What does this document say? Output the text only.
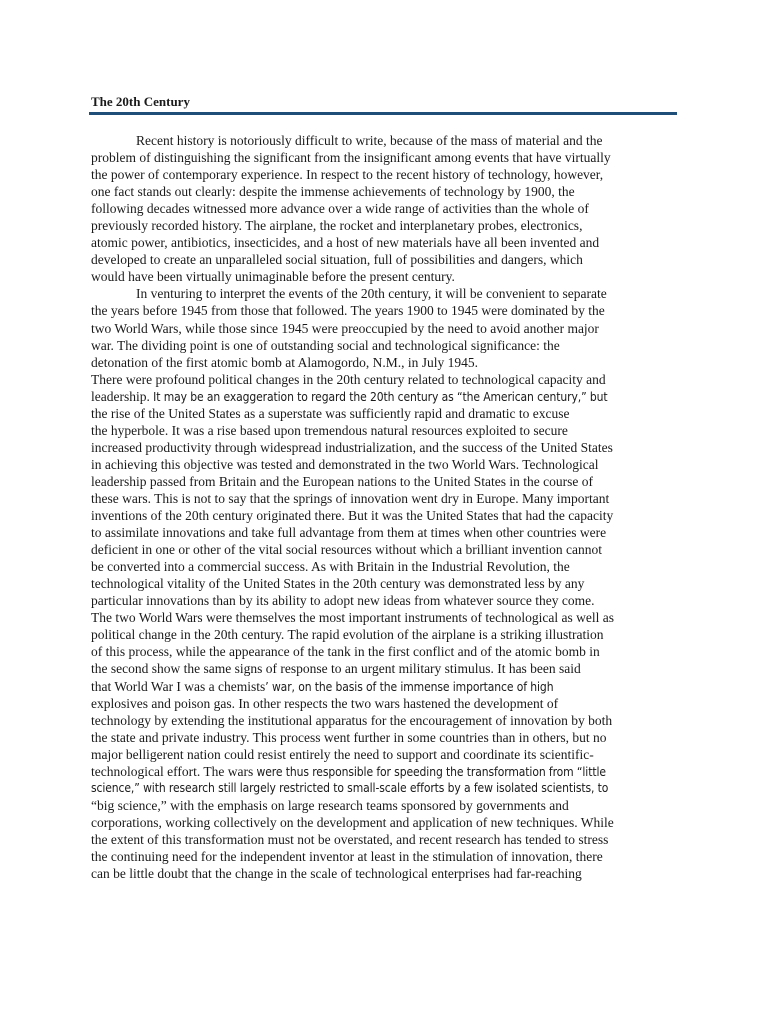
The 20th Century
Recent history is notoriously difficult to write, because of the mass of material and the
problem of distinguishing the significant from the insignificant among events that have virtually
the power of contemporary experience. In respect to the recent history of technology, however,
one fact stands out clearly: despite the immense achievements of technology by 1900, the
following decades witnessed more advance over a wide range of activities than the whole of
previously recorded history. The airplane, the rocket and interplanetary probes, electronics,
atomic power, antibiotics, insecticides, and a host of new materials have all been invented and
developed to create an unparalleled social situation, full of possibilities and dangers, which
would have been virtually unimaginable before the present century.
In venturing to interpret the events of the 20th century, it will be convenient to separate
the years before 1945 from those that followed. The years 1900 to 1945 were dominated by the
two World Wars, while those since 1945 were preoccupied by the need to avoid another major
war. The dividing point is one of outstanding social and technological significance: the
detonation of the first atomic bomb at Alamogordo, N.M., in July 1945.
There were profound political changes in the 20th century related to technological capacity and
leadership. It may be an exaggeration to regard the 20th century as “the American century,” but
the rise of the United States as a superstate was sufficiently rapid and dramatic to excuse
the hyperbole. It was a rise based upon tremendous natural resources exploited to secure
increased productivity through widespread industrialization, and the success of the United States
in achieving this objective was tested and demonstrated in the two World Wars. Technological
leadership passed from Britain and the European nations to the United States in the course of
these wars. This is not to say that the springs of innovation went dry in Europe. Many important
inventions of the 20th century originated there. But it was the United States that had the capacity
to assimilate innovations and take full advantage from them at times when other countries were
deficient in one or other of the vital social resources without which a brilliant invention cannot
be converted into a commercial success. As with Britain in the Industrial Revolution, the
technological vitality of the United States in the 20th century was demonstrated less by any
particular innovations than by its ability to adopt new ideas from whatever source they come.
The two World Wars were themselves the most important instruments of technological as well as
political change in the 20th century. The rapid evolution of the airplane is a striking illustration
of this process, while the appearance of the tank in the first conflict and of the atomic bomb in
the second show the same signs of response to an urgent military stimulus. It has been said
that World War I was a chemists’ war, on the basis of the immense importance of high
explosives and poison gas. In other respects the two wars hastened the development of
technology by extending the institutional apparatus for the encouragement of innovation by both
the state and private industry. This process went further in some countries than in others, but no
major belligerent nation could resist entirely the need to support and coordinate its scientific-
technological effort. The wars were thus responsible for speeding the transformation from “little
science,” with research still largely restricted to small-scale efforts by a few isolated scientists, to
“big science,” with the emphasis on large research teams sponsored by governments and
corporations, working collectively on the development and application of new techniques. While
the extent of this transformation must not be overstated, and recent research has tended to stress
the continuing need for the independent inventor at least in the stimulation of innovation, there
can be little doubt that the change in the scale of technological enterprises had far-reaching
